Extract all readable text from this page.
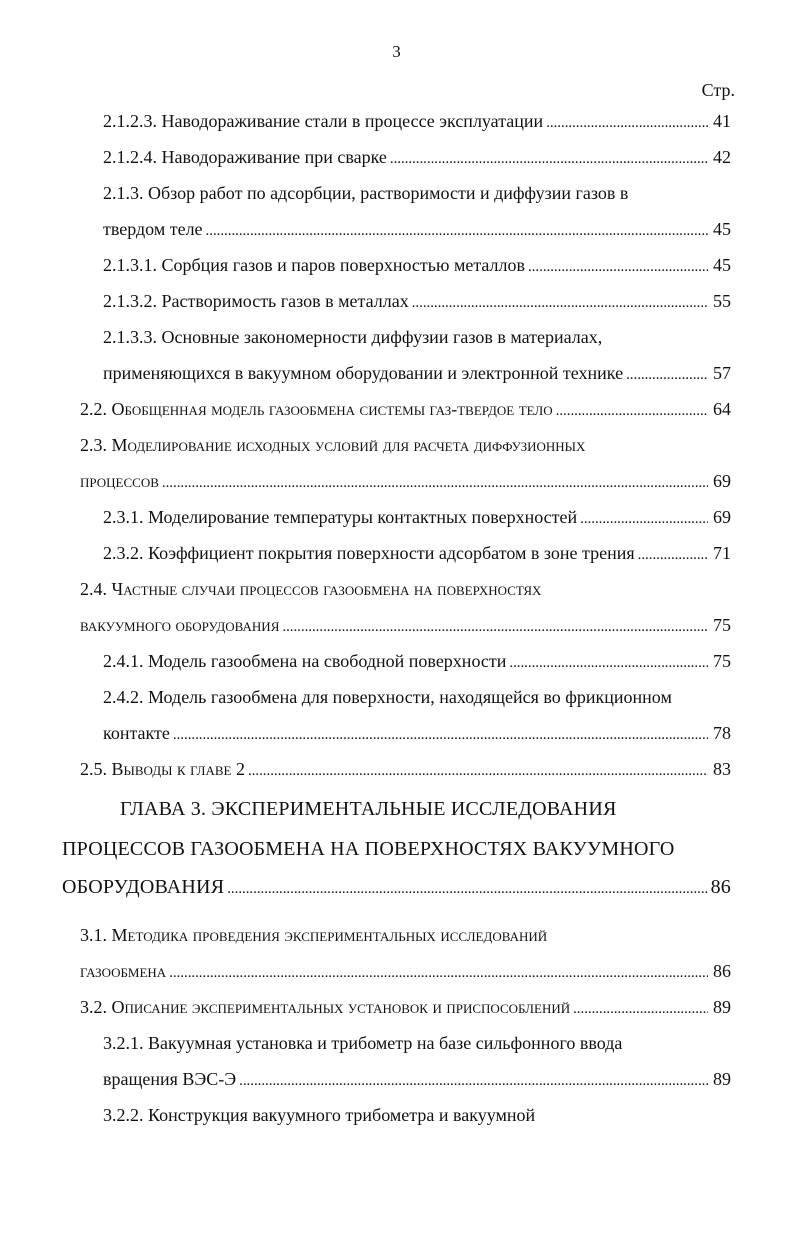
3
Стр.
2.1.2.3. Наводораживание стали в процессе эксплуатации . . .	41
2.1.2.4. Наводораживание при сварке . . .	42
2.1.3. Обзор работ по адсорбции, растворимости и диффузии газов в
твердом теле . . .	45
2.1.3.1. Сорбция газов и паров поверхностью металлов . . .	45
2.1.3.2. Растворимость газов в металлах . . .	55
2.1.3.3. Основные закономерности диффузии газов в материалах,
применяющихся в вакуумном оборудовании и электронной технике . . .	57
2.2. Обобщенная модель газообмена системы газ-твердое тело . . .	64
2.3. Моделирование исходных условий для расчета диффузионных
процессов . . .	69
2.3.1. Моделирование температуры контактных поверхностей . . .	69
2.3.2. Коэффициент покрытия поверхности адсорбатом в зоне трения . . .	71
2.4. Частные случаи процессов газообмена на поверхностях
вакуумного оборудования . . .	75
2.4.1. Модель газообмена на свободной поверхности . . .	75
2.4.2. Модель газообмена для поверхности, находящейся во фрикционном
контакте . . .	78
2.5. Выводы к главе 2 . . .	83
ГЛАВА 3. ЭКСПЕРИМЕНТАЛЬНЫЕ ИССЛЕДОВАНИЯ
ПРОЦЕССОВ ГАЗООБМЕНА НА ПОВЕРХНОСТЯХ ВАКУУМНОГО
ОБОРУДОВАНИЯ . . .	86
3.1. Методика проведения экспериментальных исследований
газообмена . . .	86
3.2. Описание экспериментальных установок и приспособлений . . .	89
3.2.1. Вакуумная установка и трибометр на базе сильфонного ввода
вращения ВЭС-Э . . .	89
3.2.2. Конструкция вакуумного трибометра и вакуумной
